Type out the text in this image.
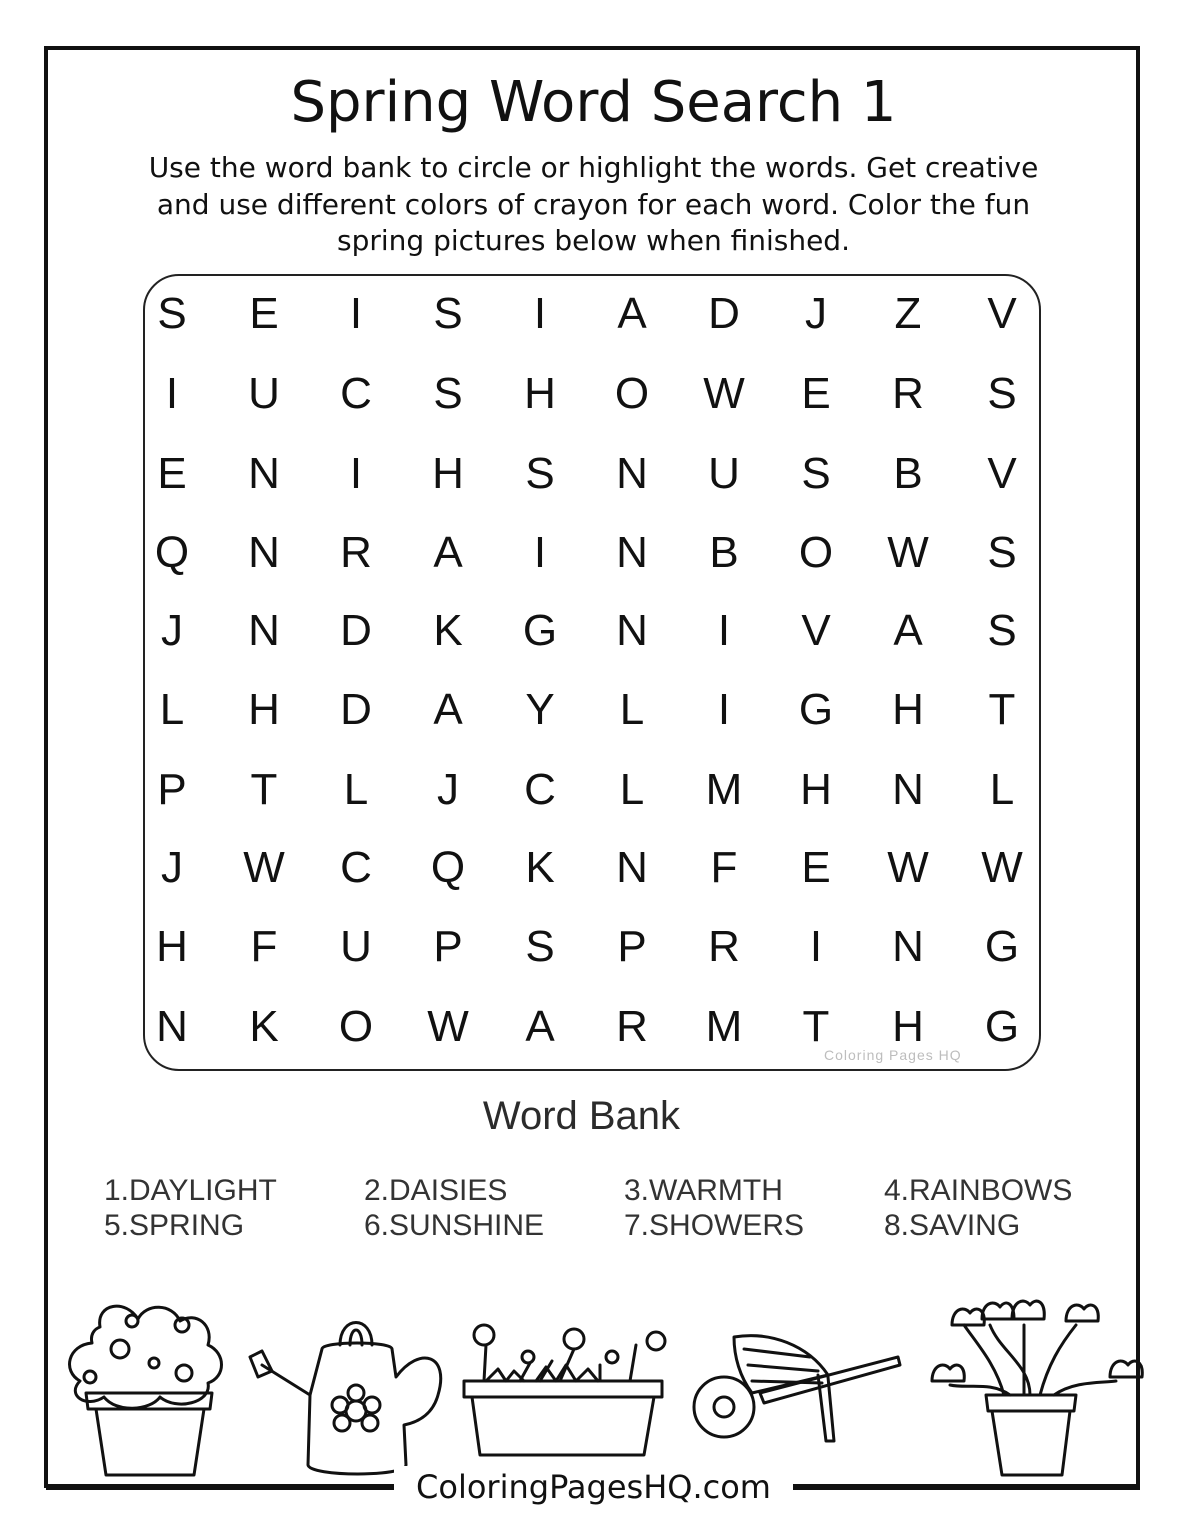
Spring Word Search 1
Use the word bank to circle or highlight the words. Get creative
and use different colors of crayon for each word. Color the fun
spring pictures below when finished.
S	E	I	S	I	A	D	J	Z	V
I	U	C	S	H	O	W	E	R	S
E	N	I	H	S	N	U	S	B	V
Q	N	R	A	I	N	B	O	W	S
J	N	D	K	G	N	I	V	A	S
L	H	D	A	Y	L	I	G	H	T
P	T	L	J	C	L	M	H	N	L
J	W	C	Q	K	N	F	E	W	W
H	F	U	P	S	P	R	I	N	G
N	K	O	W	A	R	M	T	H	G
Coloring Pages HQ
Word Bank
1.DAYLIGHT	2.DAISIES	3.WARMTH	4.RAINBOWS
5.SPRING	6.SUNSHINE	7.SHOWERS	8.SAVING
ColoringPagesHQ.com
